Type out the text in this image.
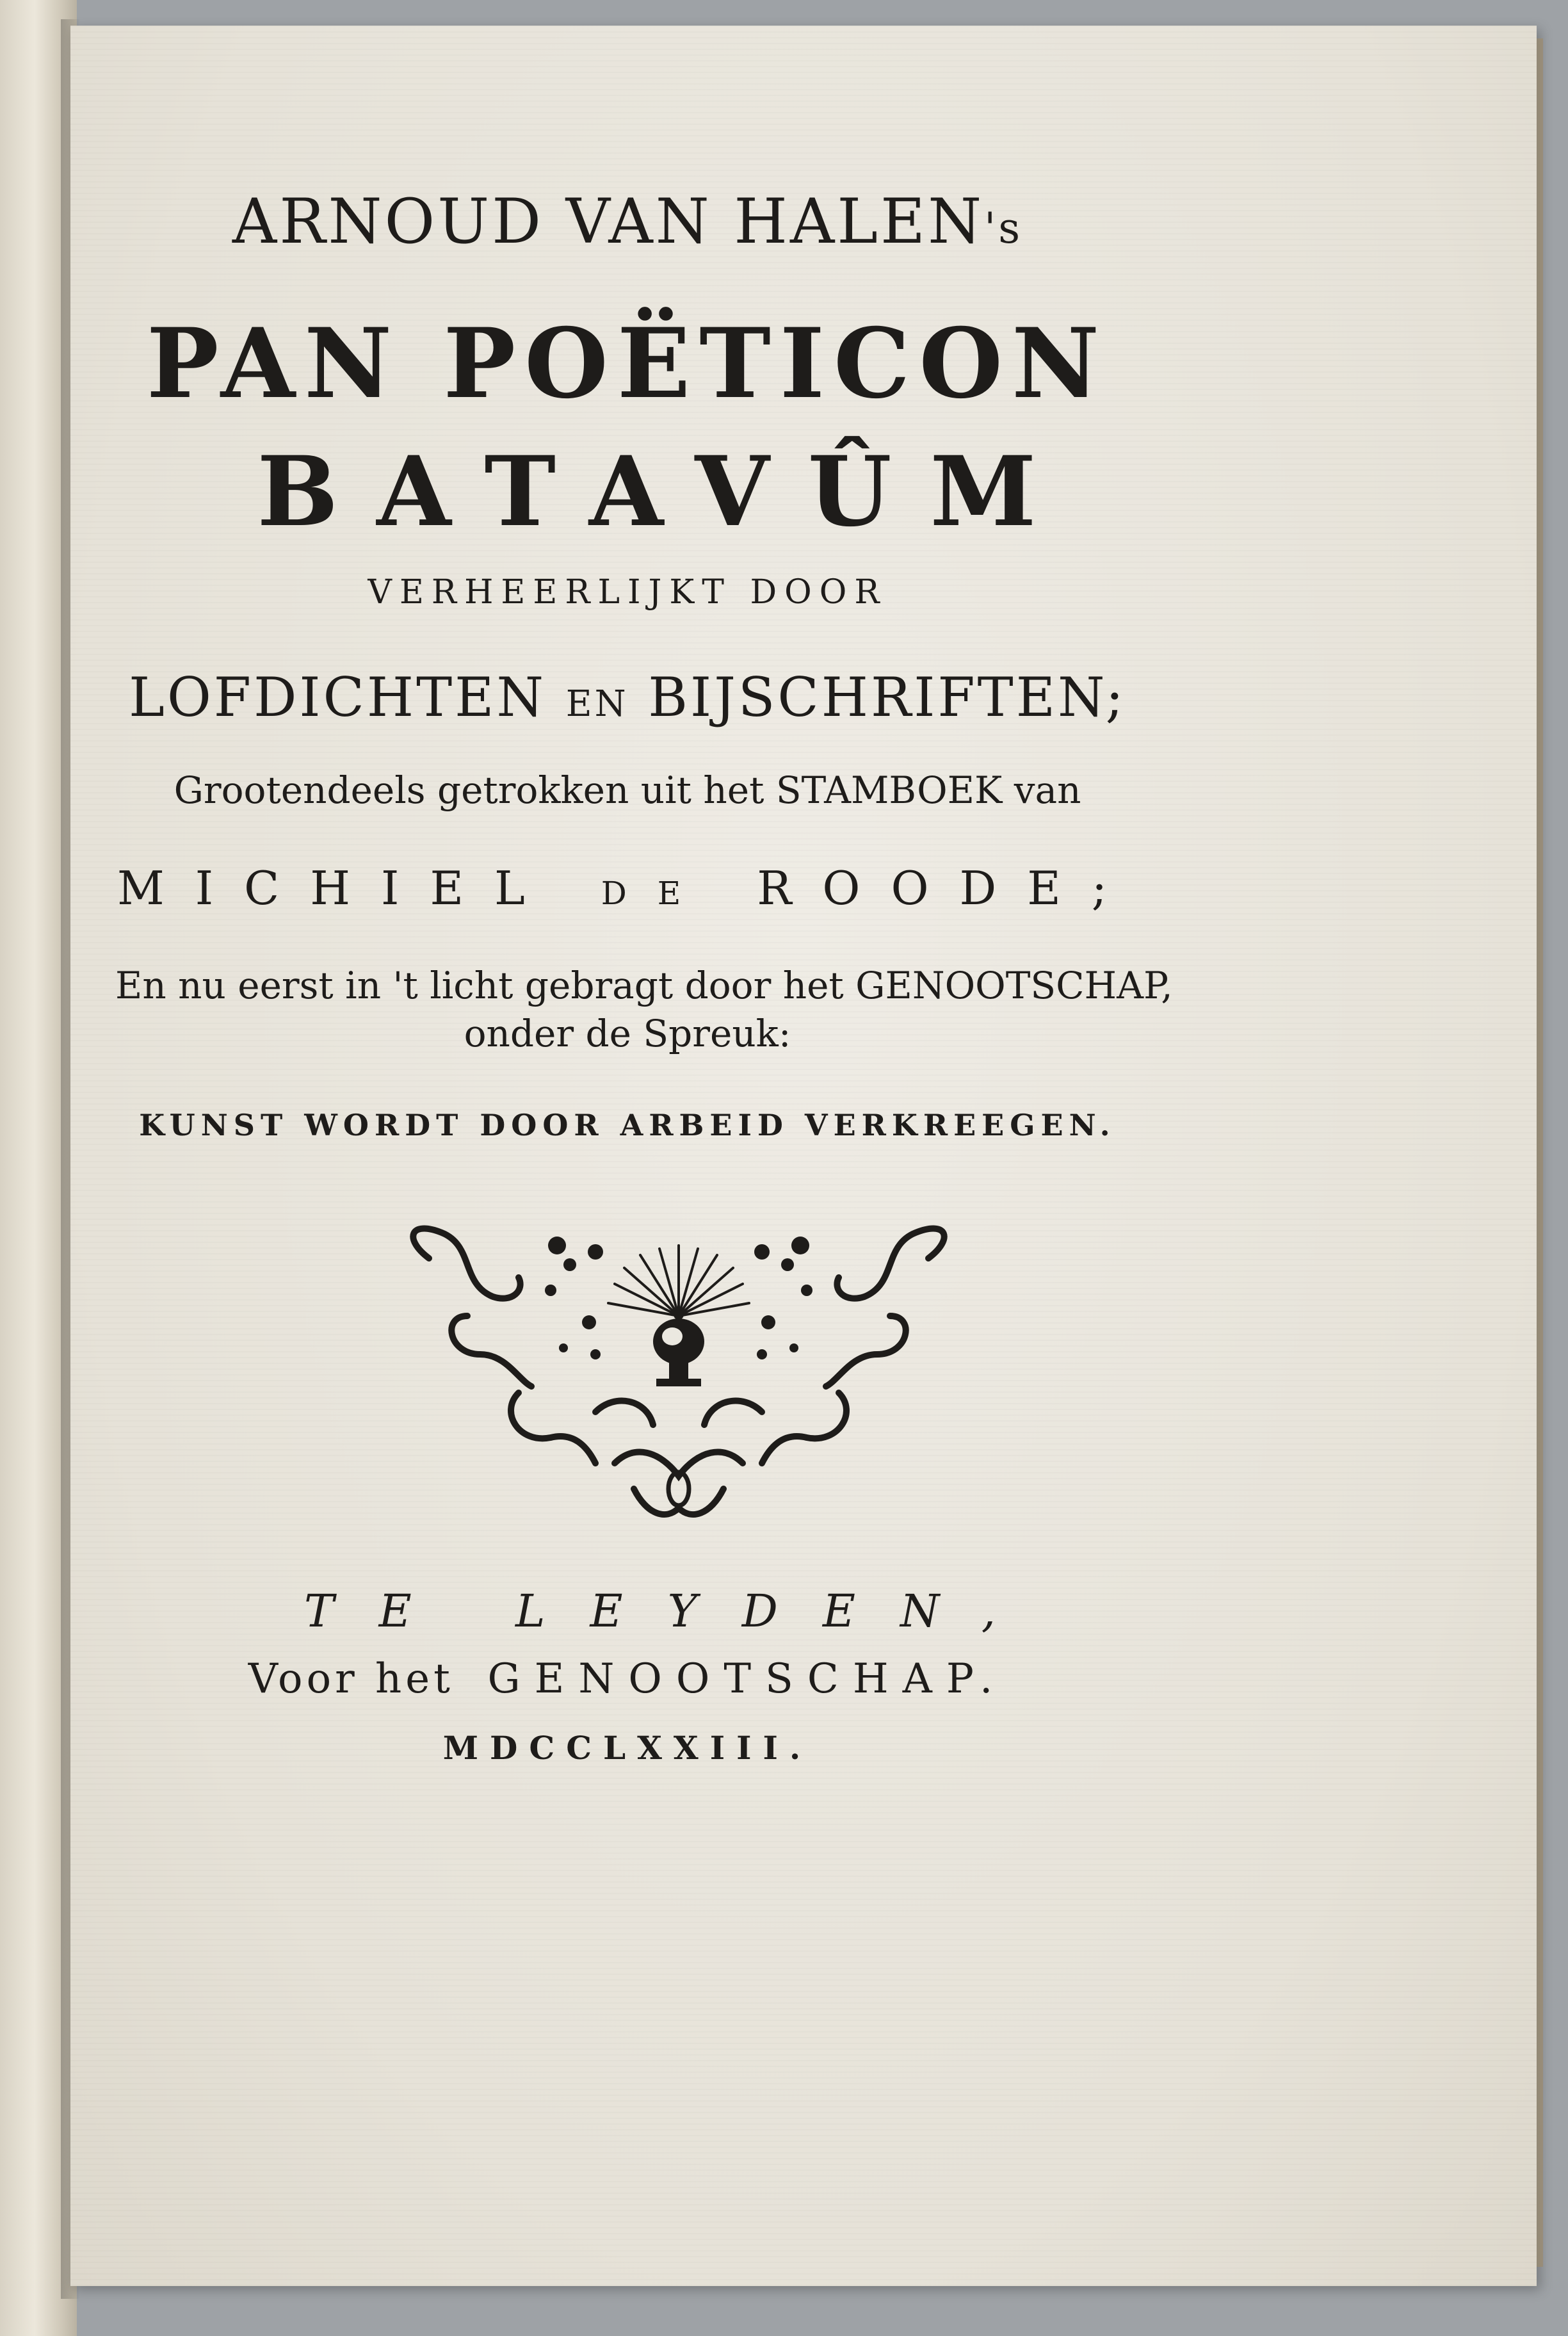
ARNOUD VAN HALEN's
PAN POËTICON
BATAVÛM
VERHEERLIJKT DOOR
LOFDICHTEN EN BIJSCHRIFTEN;
Grootendeels getrokken uit het STAMBOEK van
MICHIEL DE ROODE;
En nu eerst in 't licht gebragt door het GENOOTSCHAP,
onder de Spreuk:
KUNST WORDT DOOR ARBEID VERKREEGEN.
TE LEYDEN,
Voor het GENOOTSCHAP.
MDCCLXXIII.
